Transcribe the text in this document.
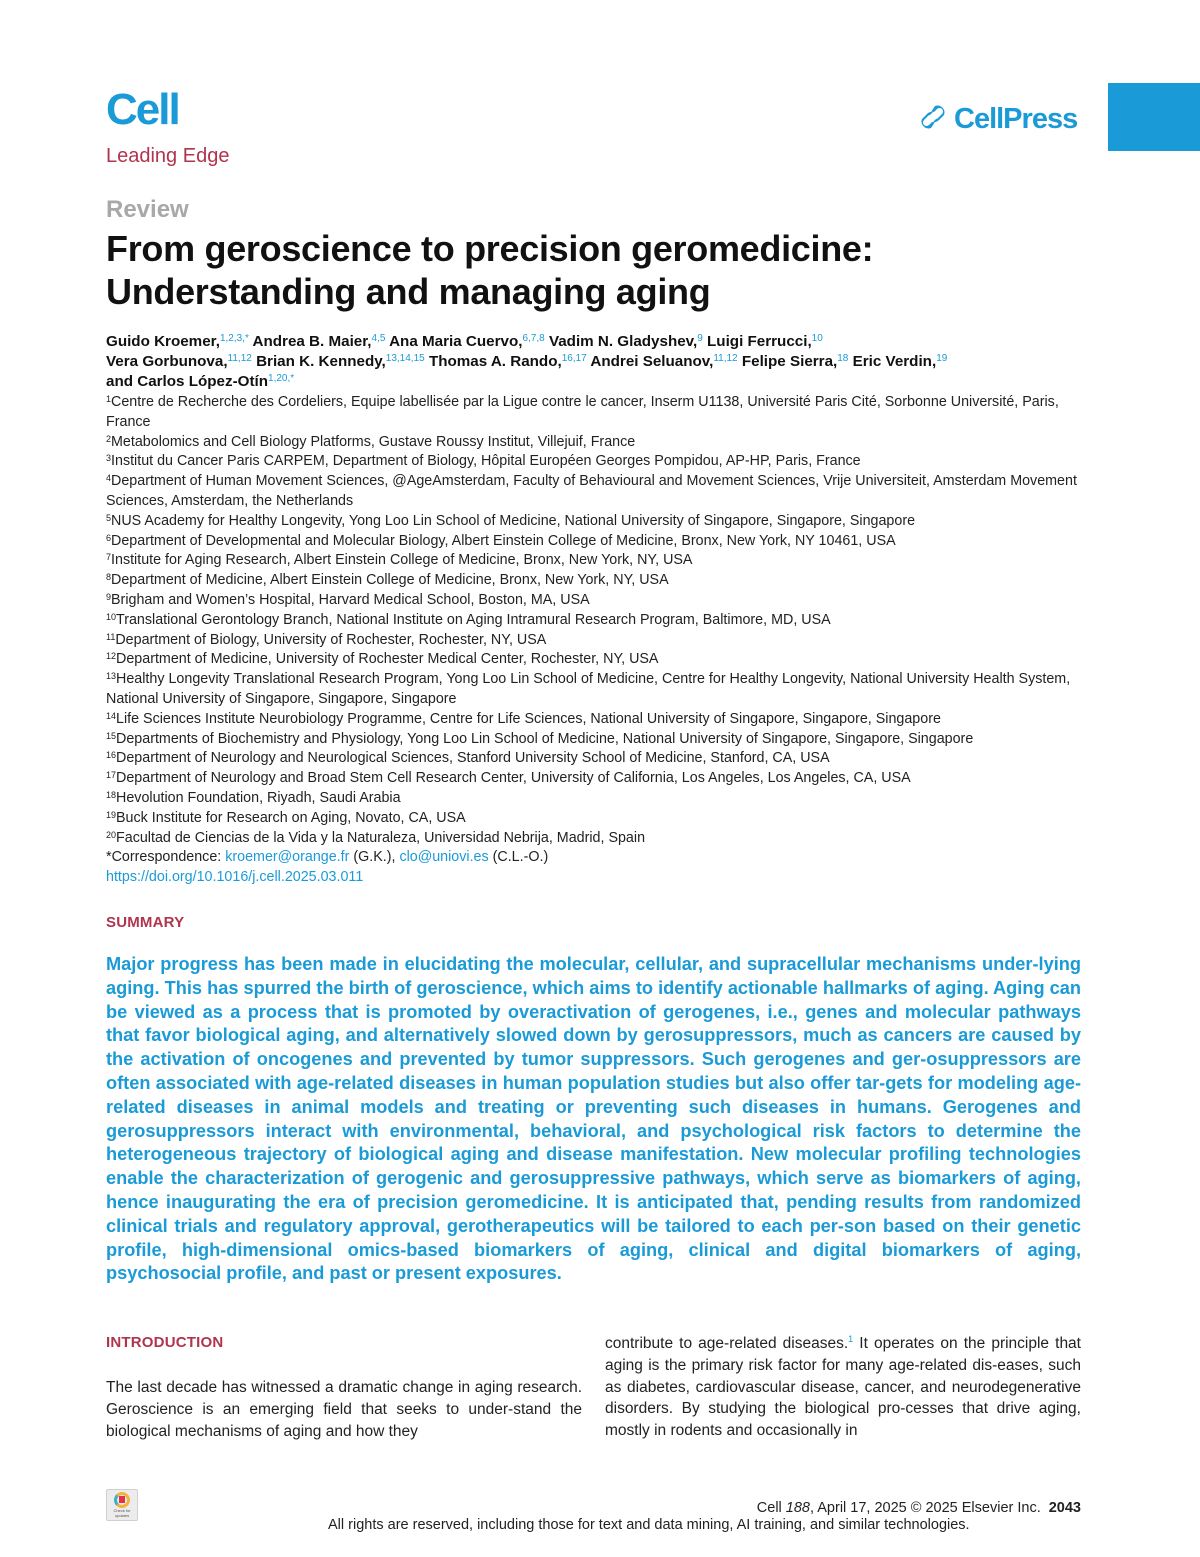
Cell
Leading Edge
CellPress
Review
From geroscience to precision geromedicine:
Understanding and managing aging
Guido Kroemer,$^{1,2,3,*}$ Andrea B. Maier,$^{4,5}$ Ana Maria Cuervo,$^{6,7,8}$ Vadim N. Gladyshev,$^9$ Luigi Ferrucci,$^{10}$
Vera Gorbunova,$^{11,12}$ Brian K. Kennedy,$^{13,14,15}$ Thomas A. Rando,$^{16,17}$ Andrei Seluanov,$^{11,12}$ Felipe Sierra,$^{18}$ Eric Verdin,$^{19}$
and Carlos López-Otín$^{1,20,*}$
$^1$Centre de Recherche des Cordeliers, Equipe labellisée par la Ligue contre le cancer, Inserm U1138, Université Paris Cité, Sorbonne Université, Paris, France
$^2$Metabolomics and Cell Biology Platforms, Gustave Roussy Institut, Villejuif, France
$^3$Institut du Cancer Paris CARPEM, Department of Biology, Hôpital Européen Georges Pompidou, AP-HP, Paris, France
$^4$Department of Human Movement Sciences, @AgeAmsterdam, Faculty of Behavioural and Movement Sciences, Vrije Universiteit, Amsterdam Movement Sciences, Amsterdam, the Netherlands
$^5$NUS Academy for Healthy Longevity, Yong Loo Lin School of Medicine, National University of Singapore, Singapore, Singapore
$^6$Department of Developmental and Molecular Biology, Albert Einstein College of Medicine, Bronx, New York, NY 10461, USA
$^7$Institute for Aging Research, Albert Einstein College of Medicine, Bronx, New York, NY, USA
$^8$Department of Medicine, Albert Einstein College of Medicine, Bronx, New York, NY, USA
$^9$Brigham and Women’s Hospital, Harvard Medical School, Boston, MA, USA
$^{10}$Translational Gerontology Branch, National Institute on Aging Intramural Research Program, Baltimore, MD, USA
$^{11}$Department of Biology, University of Rochester, Rochester, NY, USA
$^{12}$Department of Medicine, University of Rochester Medical Center, Rochester, NY, USA
$^{13}$Healthy Longevity Translational Research Program, Yong Loo Lin School of Medicine, Centre for Healthy Longevity, National University Health System, National University of Singapore, Singapore, Singapore
$^{14}$Life Sciences Institute Neurobiology Programme, Centre for Life Sciences, National University of Singapore, Singapore, Singapore
$^{15}$Departments of Biochemistry and Physiology, Yong Loo Lin School of Medicine, National University of Singapore, Singapore, Singapore
$^{16}$Department of Neurology and Neurological Sciences, Stanford University School of Medicine, Stanford, CA, USA
$^{17}$Department of Neurology and Broad Stem Cell Research Center, University of California, Los Angeles, Los Angeles, CA, USA
$^{18}$Hevolution Foundation, Riyadh, Saudi Arabia
$^{19}$Buck Institute for Research on Aging, Novato, CA, USA
$^{20}$Facultad de Ciencias de la Vida y la Naturaleza, Universidad Nebrija, Madrid, Spain
*Correspondence: kroemer@orange.fr (G.K.), clo@uniovi.es (C.L.-O.)
https://doi.org/10.1016/j.cell.2025.03.011
SUMMARY

Major progress has been made in elucidating the molecular, cellular, and supracellular mechanisms under-lying aging. This has spurred the birth of geroscience, which aims to identify actionable hallmarks of aging. Aging can be viewed as a process that is promoted by overactivation of gerogenes, i.e., genes and molecular pathways that favor biological aging, and alternatively slowed down by gerosuppressors, much as cancers are caused by the activation of oncogenes and prevented by tumor suppressors. Such gerogenes and ger-osuppressors are often associated with age-related diseases in human population studies but also offer tar-gets for modeling age-related diseases in animal models and treating or preventing such diseases in humans. Gerogenes and gerosuppressors interact with environmental, behavioral, and psychological risk factors to determine the heterogeneous trajectory of biological aging and disease manifestation. New molecular profiling technologies enable the characterization of gerogenic and gerosuppressive pathways, which serve as biomarkers of aging, hence inaugurating the era of precision geromedicine. It is anticipated that, pending results from randomized clinical trials and regulatory approval, gerotherapeutics will be tailored to each per-son based on their genetic profile, high-dimensional omics-based biomarkers of aging, clinical and digital biomarkers of aging, psychosocial profile, and past or present exposures.

INTRODUCTION

The last decade has witnessed a dramatic change in aging research. Geroscience is an emerging field that seeks to under-stand the biological mechanisms of aging and how they

contribute to age-related diseases.$^1$ It operates on the principle that aging is the primary risk factor for many age-related dis-eases, such as diabetes, cardiovascular disease, cancer, and neurodegenerative disorders. By studying the biological pro-cesses that drive aging, mostly in rodents and occasionally in

Check for updates	Cell 188, April 17, 2025 © 2025 Elsevier Inc. 2043
All rights are reserved, including those for text and data mining, AI training, and similar technologies.
